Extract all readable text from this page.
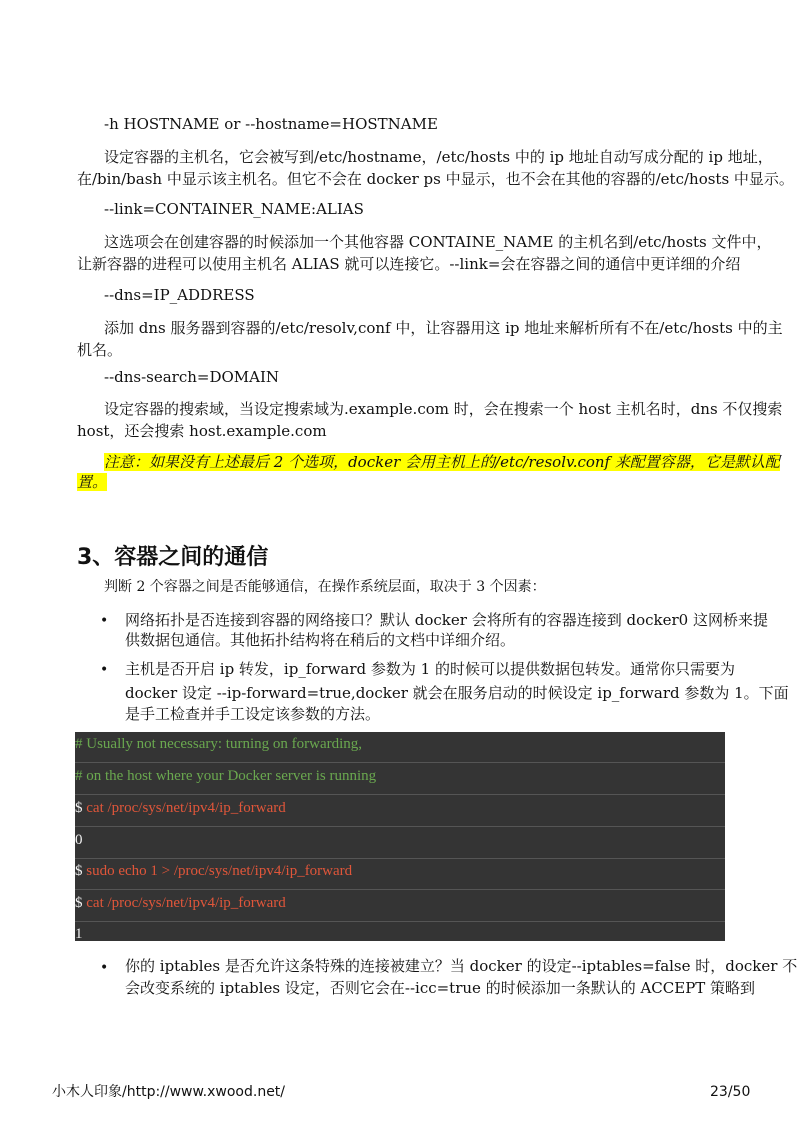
-h HOSTNAME or --hostname=HOSTNAME
设定容器的主机名，它会被写到/etc/hostname，/etc/hosts 中的 ip 地址自动写成分配的 ip 地址，
在/bin/bash 中显示该主机名。但它不会在 docker ps 中显示，也不会在其他的容器的/etc/hosts 中显示。
--link=CONTAINER_NAME:ALIAS
这选项会在创建容器的时候添加一个其他容器 CONTAINE_NAME 的主机名到/etc/hosts 文件中，
让新容器的进程可以使用主机名 ALIAS 就可以连接它。--link=会在容器之间的通信中更详细的介绍
--dns=IP_ADDRESS
添加 dns 服务器到容器的/etc/resolv,conf 中，让容器用这 ip 地址来解析所有不在/etc/hosts 中的主
机名。
--dns-search=DOMAIN
设定容器的搜索域，当设定搜索域为.example.com 时，会在搜索一个 host 主机名时，dns 不仅搜索
host，还会搜索 host.example.com
注意：如果没有上述最后 2 个选项，docker 会用主机上的/etc/resolv.conf 来配置容器，它是默认配
置。
3、容器之间的通信
判断 2 个容器之间是否能够通信，在操作系统层面，取决于 3 个因素：
• 网络拓扑是否连接到容器的网络接口？默认 docker 会将所有的容器连接到 docker0 这网桥来提
供数据包通信。其他拓扑结构将在稍后的文档中详细介绍。
• 主机是否开启 ip 转发，ip_forward 参数为 1 的时候可以提供数据包转发。通常你只需要为
docker 设定 --ip-forward=true,docker 就会在服务启动的时候设定 ip_forward 参数为 1。下面
是手工检查并手工设定该参数的方法。
# Usually not necessary: turning on forwarding,
# on the host where your Docker server is running
$ cat /proc/sys/net/ipv4/ip_forward
0
$ sudo echo 1 > /proc/sys/net/ipv4/ip_forward
$ cat /proc/sys/net/ipv4/ip_forward
1
• 你的 iptables 是否允许这条特殊的连接被建立？当 docker 的设定--iptables=false 时，docker 不
会改变系统的 iptables 设定，否则它会在--icc=true 的时候添加一条默认的 ACCEPT 策略到
小木人印象/http://www.xwood.net/	23/50
